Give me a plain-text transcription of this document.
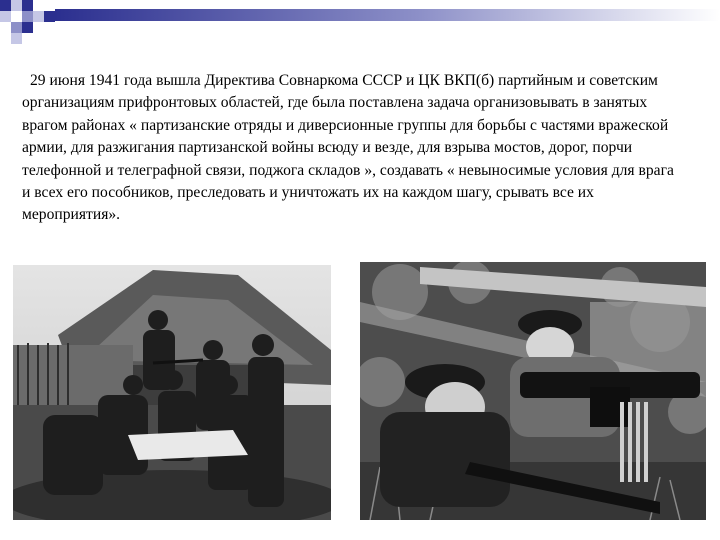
29 июня 1941 года вышла Директива Совнаркома СССР и ЦК ВКП(б) партийным и советским организациям прифронтовых областей, где была поставлена задача организовывать в занятых врагом районах « партизанские отряды и диверсионные группы для борьбы с частями вражеской армии, для разжигания партизанской войны всюду и везде, для взрыва мостов, дорог, порчи телефонной и телеграфной связи, поджога складов », создавать « невыносимые условия для врага и всех его пособников, преследовать и уничтожать их на каждом шагу, срывать все их мероприятия».
